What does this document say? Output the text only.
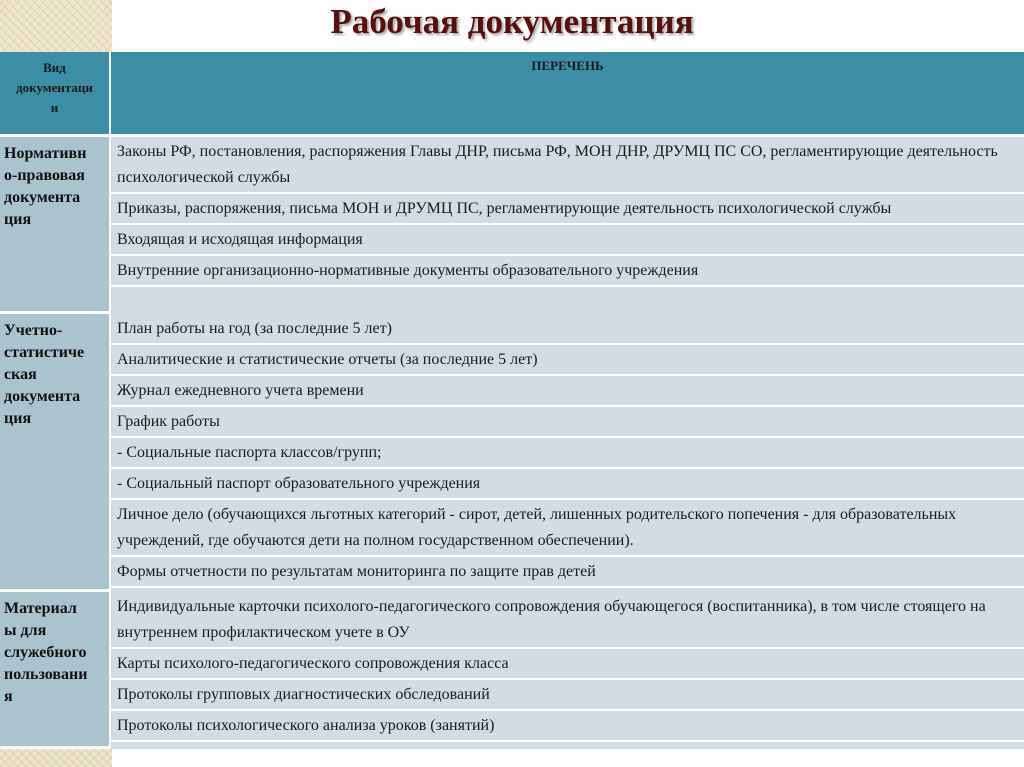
Рабочая документация
Вид
документаци
и
ПЕРЕЧЕНЬ
Нормативн
о-правовая
документа
ция
Законы РФ, постановления, распоряжения Главы ДНР, письма РФ, МОН ДНР, ДРУМЦ ПС СО, регламентирующие деятельность психологической службы
Приказы, распоряжения, письма МОН и ДРУМЦ ПС, регламентирующие деятельность психологической службы
Входящая и исходящая информация
Внутренние организационно-нормативные документы образовательного учреждения
Учетно-
статистиче
ская
документа
ция
План работы на год (за последние 5 лет)
Аналитические и статистические отчеты (за последние 5 лет)
Журнал ежедневного учета времени
График работы
- Социальные паспорта классов/групп;
- Социальный паспорт образовательного учреждения
Личное дело (обучающихся льготных категорий - сирот, детей, лишенных родительского попечения - для образовательных учреждений, где обучаются дети на полном государственном обеспечении).
Формы отчетности по результатам мониторинга по защите прав детей
Материал
ы для
служебного
пользовани
я
Индивидуальные карточки психолого-педагогического сопровождения обучающегося (воспитанника), в том числе стоящего на внутреннем профилактическом учете в ОУ
Карты психолого-педагогического сопровождения класса
Протоколы групповых диагностических обследований
Протоколы психологического анализа уроков (занятий)
